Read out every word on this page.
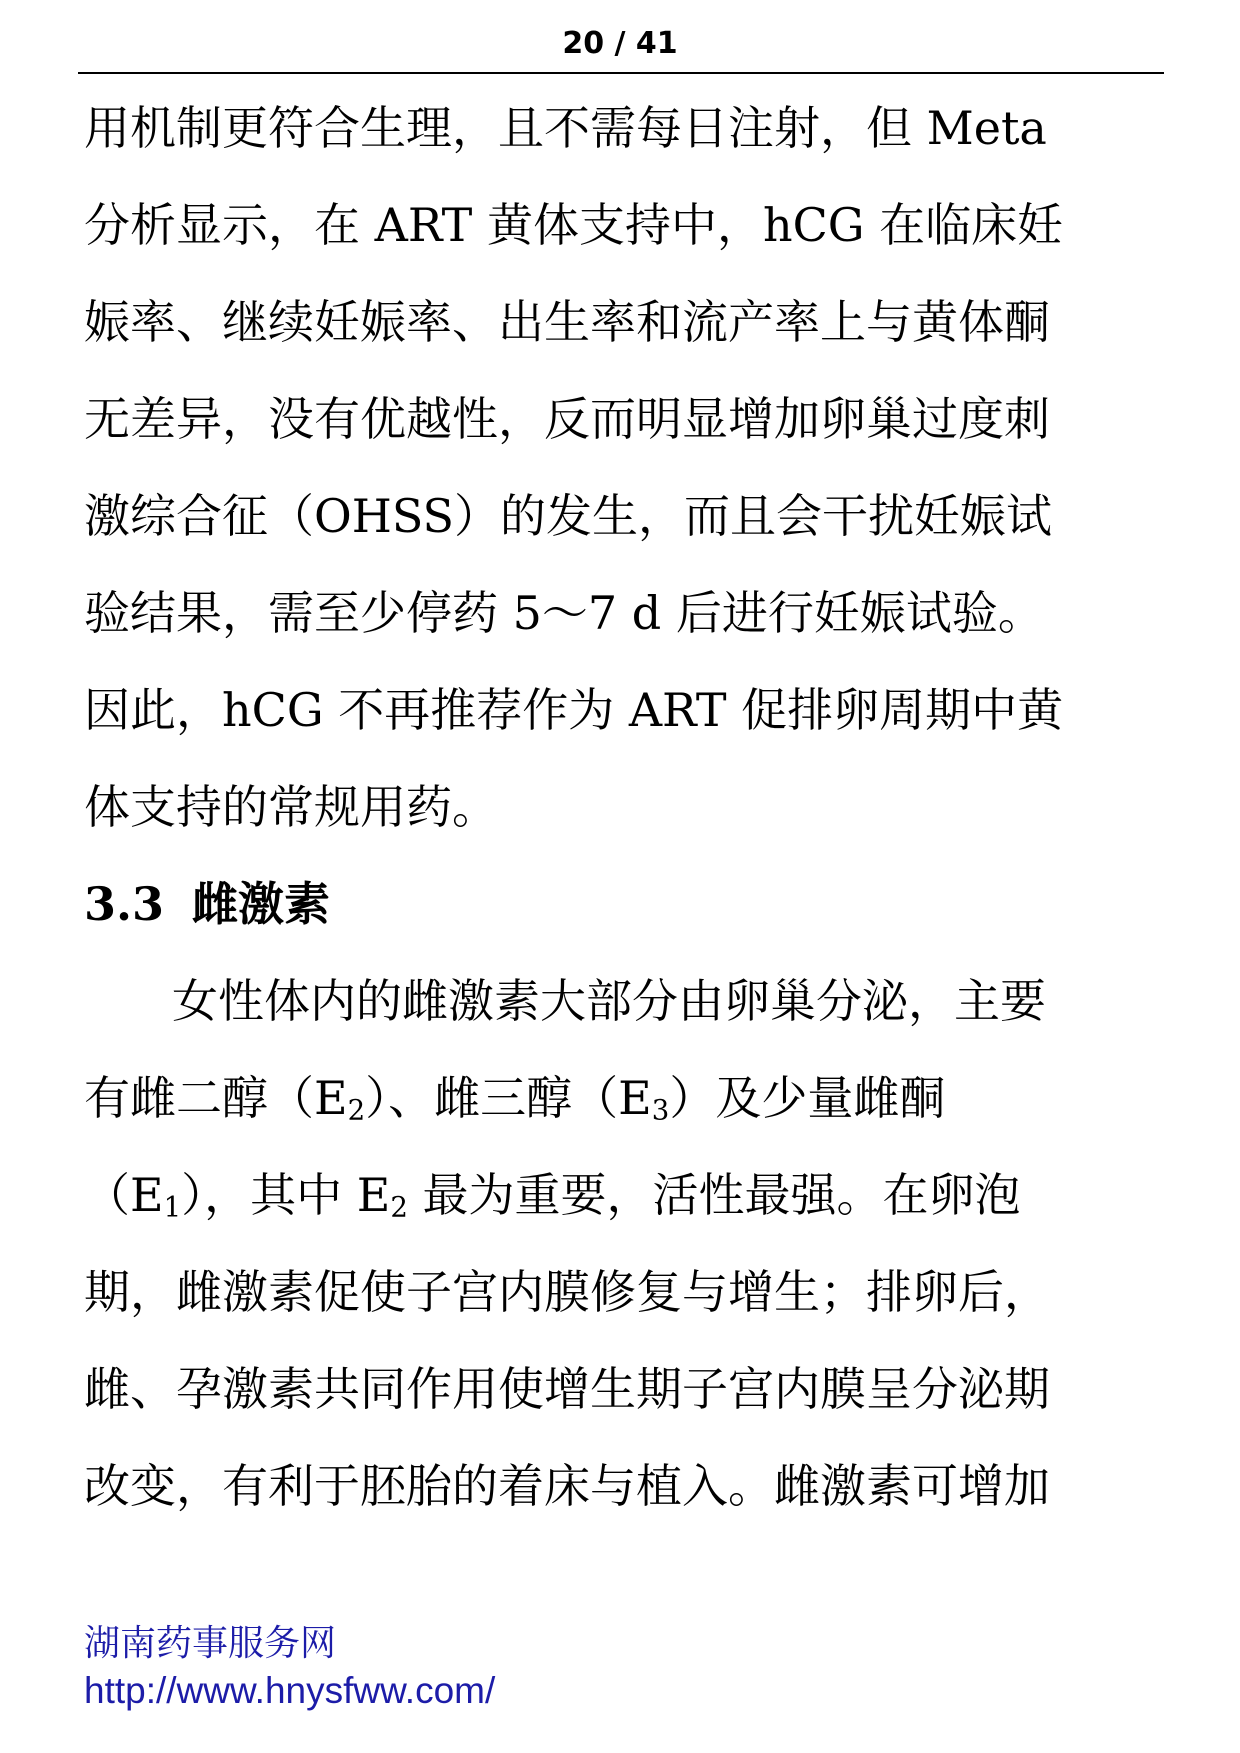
20 / 41
用机制更符合生理，且不需每日注射，但 Meta
分析显示，在 ART 黄体支持中，hCG 在临床妊
娠率、继续妊娠率、出生率和流产率上与黄体酮
无差异，没有优越性，反而明显增加卵巢过度刺
激综合征（OHSS）的发生，而且会干扰妊娠试
验结果，需至少停药 5～7 d 后进行妊娠试验。
因此，hCG 不再推荐作为 ART 促排卵周期中黄
体支持的常规用药。
3.3 雌激素
女性体内的雌激素大部分由卵巢分泌，主要
有雌二醇$(E_2)$、雌三醇$(E_3)$及少量雌酮
$(E_1)$，其中 $E_2$ 最为重要，活性最强。在卵泡
期，雌激素促使子宫内膜修复与增生；排卵后，
雌、孕激素共同作用使增生期子宫内膜呈分泌期
改变，有利于胚胎的着床与植入。雌激素可增加
湖南药事服务网
http://www.hnysfww.com/
